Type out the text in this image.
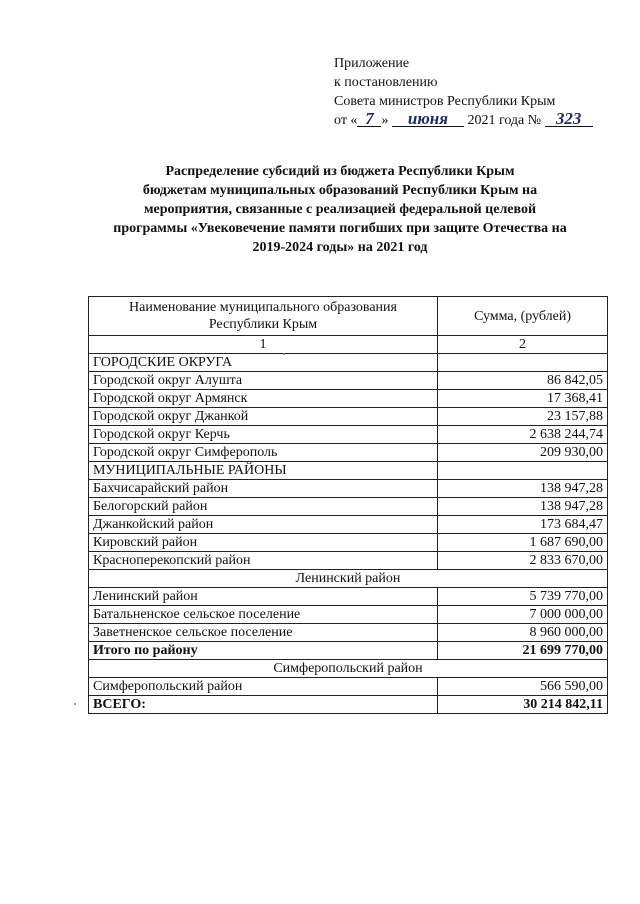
Приложение
к постановлению
Совета министров Республики Крым
от « 7 » июня 2021 года № 323
Распределение субсидий из бюджета Республики Крым
бюджетам муниципальных образований Республики Крым на
мероприятия, связанные с реализацией федеральной целевой
программы «Увековечение памяти погибших при защите Отечества на
2019-2024 годы» на 2021 год
Наименование муниципального образования Республики Крым	Сумма, (рублей)
1	2
ГОРОДСКИЕ ОКРУГА	
Городской округ Алушта	86 842,05
Городской округ Армянск	17 368,41
Городской округ Джанкой	23 157,88
Городской округ Керчь	2 638 244,74
Городской округ Симферополь	209 930,00
МУНИЦИПАЛЬНЫЕ РАЙОНЫ	
Бахчисарайский район	138 947,28
Белогорский район	138 947,28
Джанкойский район	173 684,47
Кировский район	1 687 690,00
Красноперекопский район	2 833 670,00
Ленинский район	
Ленинский район	5 739 770,00
Батальненское сельское поселение	7 000 000,00
Заветненское сельское поселение	8 960 000,00
Итого по району	21 699 770,00
Симферопольский район	
Симферопольский район	566 590,00
ВСЕГО:	30 214 842,11
